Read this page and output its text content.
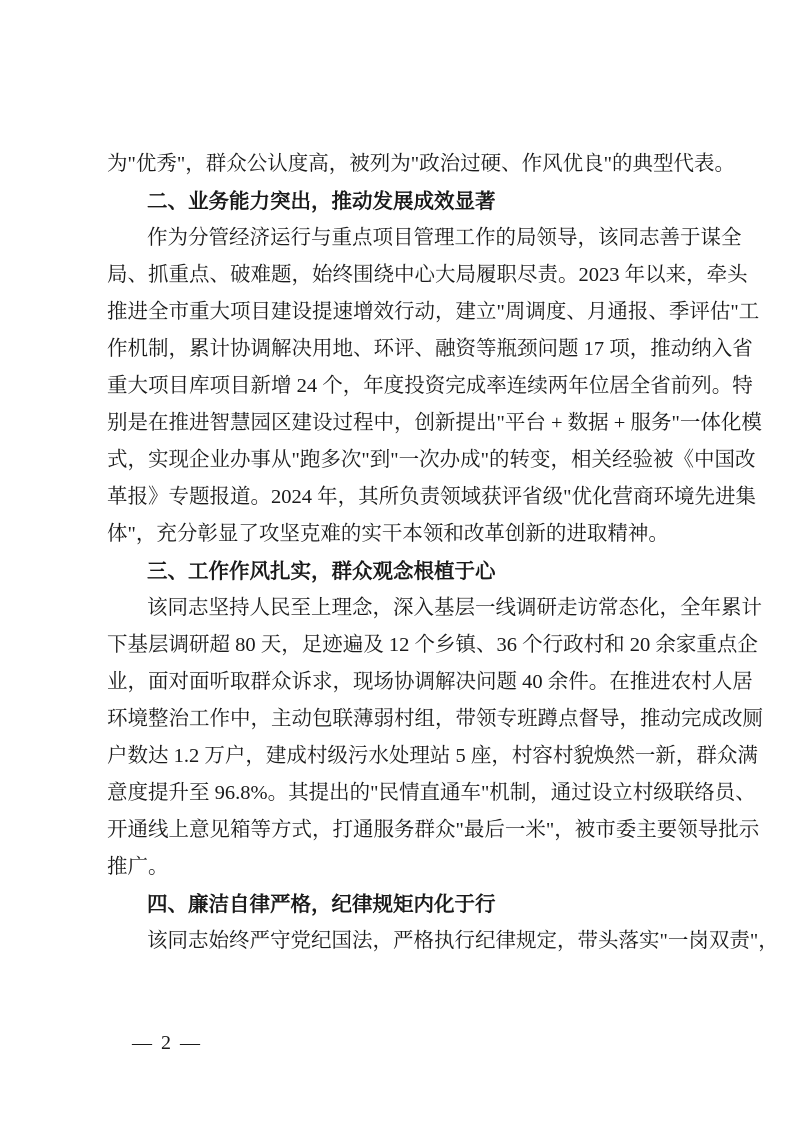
为"优秀"，群众公认度高，被列为"政治过硬、作风优良"的典型代表。
二、业务能力突出，推动发展成效显著
作为分管经济运行与重点项目管理工作的局领导，该同志善于谋全
局、抓重点、破难题，始终围绕中心大局履职尽责。2023 年以来，牵头
推进全市重大项目建设提速增效行动，建立"周调度、月通报、季评估"工
作机制，累计协调解决用地、环评、融资等瓶颈问题 17 项，推动纳入省
重大项目库项目新增 24 个，年度投资完成率连续两年位居全省前列。特
别是在推进智慧园区建设过程中，创新提出"平台 + 数据 + 服务"一体化模
式，实现企业办事从"跑多次"到"一次办成"的转变，相关经验被《中国改
革报》专题报道。2024 年，其所负责领域获评省级"优化营商环境先进集
体"，充分彰显了攻坚克难的实干本领和改革创新的进取精神。
三、工作作风扎实，群众观念根植于心
该同志坚持人民至上理念，深入基层一线调研走访常态化，全年累计
下基层调研超 80 天，足迹遍及 12 个乡镇、36 个行政村和 20 余家重点企
业，面对面听取群众诉求，现场协调解决问题 40 余件。在推进农村人居
环境整治工作中，主动包联薄弱村组，带领专班蹲点督导，推动完成改厕
户数达 1.2 万户，建成村级污水处理站 5 座，村容村貌焕然一新，群众满
意度提升至 96.8%。其提出的"民情直通车"机制，通过设立村级联络员、
开通线上意见箱等方式，打通服务群众"最后一米"，被市委主要领导批示
推广。
四、廉洁自律严格，纪律规矩内化于行
该同志始终严守党纪国法，严格执行纪律规定，带头落实"一岗双责"，
— 2 —
